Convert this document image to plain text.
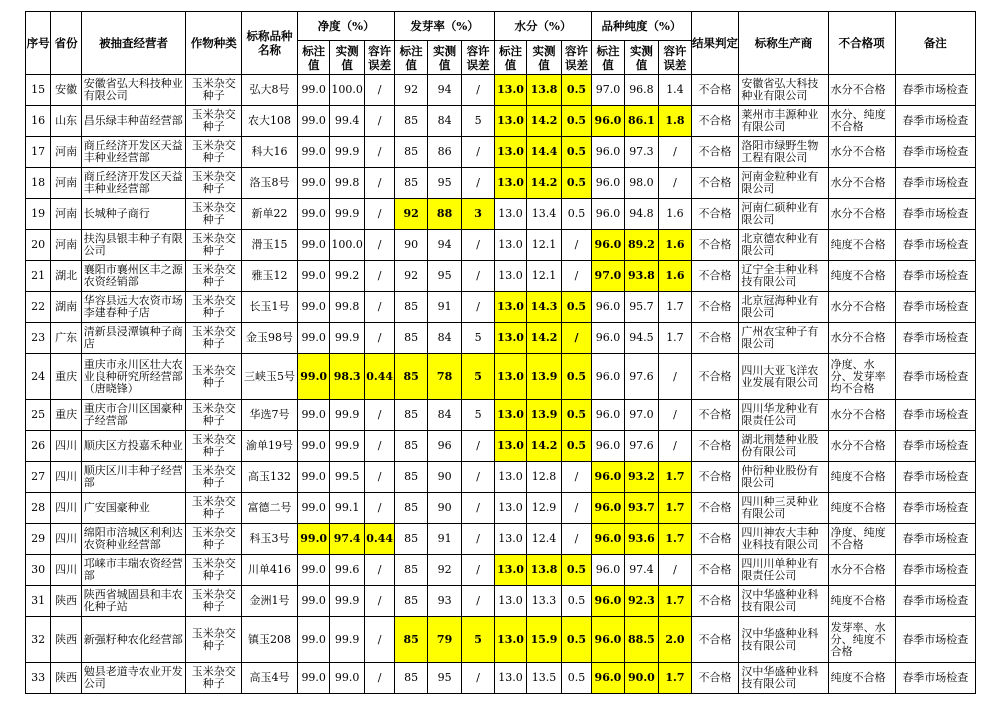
序号	省份	被抽查经营者	作物种类	标称品种名称	净度（%）			发芽率（%）			水分（%）			品种纯度（%）			结果判定	标称生产商	不合格项	备注
					标注值	实测值	容许误差	标注值	实测值	容许误差	标注值	实测值	容许误差	标注值	实测值	容许误差				
15	安徽	安徽省弘大科技种业有限公司	玉米杂交种子	弘大8号	99.0	100.0	/	92	94	/	13.0	13.8	0.5	97.0	96.8	1.4	不合格	安徽省弘大科技种业有限公司	水分不合格	春季市场检查
16	山东	昌乐绿丰种苗经营部	玉米杂交种子	农大108	99.0	99.4	/	85	84	5	13.0	14.2	0.5	96.0	86.1	1.8	不合格	莱州市丰源种业有限公司	水分、纯度不合格	春季市场检查
17	河南	商丘经济开发区天益丰种业经营部	玉米杂交种子	科大16	99.0	99.9	/	85	86	/	13.0	14.4	0.5	96.0	97.3	/	不合格	洛阳市绿野生物工程有限公司	水分不合格	春季市场检查
18	河南	商丘经济开发区天益丰种业经营部	玉米杂交种子	洛玉8号	99.0	99.8	/	85	95	/	13.0	14.2	0.5	96.0	98.0	/	不合格	河南金粒种业有限公司	水分不合格	春季市场检查
19	河南	长城种子商行	玉米杂交种子	新单22	99.0	99.9	/	92	88	3	13.0	13.4	0.5	96.0	94.8	1.6	不合格	河南仁硕种业有限公司	水分不合格	春季市场检查
20	河南	扶沟县银丰种子有限公司	玉米杂交种子	滑玉15	99.0	100.0	/	90	94	/	13.0	12.1	/	96.0	89.2	1.6	不合格	北京德农种业有限公司	纯度不合格	春季市场检查
21	湖北	襄阳市襄州区丰之源农资经销部	玉米杂交种子	雅玉12	99.0	99.2	/	92	95	/	13.0	12.1	/	97.0	93.8	1.6	不合格	辽宁全丰种业科技有限公司	纯度不合格	春季市场检查
22	湖南	华容县远大农资市场李建春种子店	玉米杂交种子	长玉1号	99.0	99.8	/	85	91	/	13.0	14.3	0.5	96.0	95.7	1.7	不合格	北京冠海种业有限公司	水分不合格	春季市场检查
23	广东	清新县浸潭镇种子商店	玉米杂交种子	金玉98号	99.0	99.9	/	85	84	5	13.0	14.2	/	96.0	94.5	1.7	不合格	广州农宝种子有限公司	水分不合格	春季市场检查
24	重庆	重庆市永川区壮大农业良种研究所经营部（唐晓锋）	玉米杂交种子	三峡玉5号	99.0	98.3	0.44	85	78	5	13.0	13.9	0.5	96.0	97.6	/	不合格	四川大亚飞洋农业发展有限公司	净度、水分、发芽率均不合格	春季市场检查
25	重庆	重庆市合川区国豪种子经营部	玉米杂交种子	华选7号	99.0	99.9	/	85	84	5	13.0	13.9	0.5	96.0	97.0	/	不合格	四川华龙种业有限责任公司	水分不合格	春季市场检查
26	四川	顺庆区方投嘉禾种业	玉米杂交种子	渝单19号	99.0	99.9	/	85	96	/	13.0	14.2	0.5	96.0	97.6	/	不合格	湖北荆楚种业股份有限公司	水分不合格	春季市场检查
27	四川	顺庆区川丰种子经营部	玉米杂交种子	高玉132	99.0	99.5	/	85	90	/	13.0	12.8	/	96.0	93.2	1.7	不合格	仲衍种业股份有限公司	纯度不合格	春季市场检查
28	四川	广安国豪种业	玉米杂交种子	富德二号	99.0	99.1	/	85	90	/	13.0	12.9	/	96.0	93.7	1.7	不合格	四川种三灵种业有限公司	纯度不合格	春季市场检查
29	四川	绵阳市涪城区利利达农资种业经营部	玉米杂交种子	科玉3号	99.0	97.4	0.44	85	91	/	13.0	12.4	/	96.0	93.6	1.7	不合格	四川神农大丰种业科技有限公司	净度、纯度不合格	春季市场检查
30	四川	邛崃市丰瑞农资经营部	玉米杂交种子	川单416	99.0	99.6	/	85	92	/	13.0	13.8	0.5	96.0	97.4	/	不合格	四川川单种业有限责任公司	水分不合格	春季市场检查
31	陕西	陕西省城固县和丰农化种子站	玉米杂交种子	金洲1号	99.0	99.9	/	85	93	/	13.0	13.3	0.5	96.0	92.3	1.7	不合格	汉中华盛种业科技有限公司	纯度不合格	春季市场检查
32	陕西	新强籽种农化经营部	玉米杂交种子	镇玉208	99.0	99.9	/	85	79	5	13.0	15.9	0.5	96.0	88.5	2.0	不合格	汉中华盛种业科技有限公司	发芽率、水分、纯度不合格	春季市场检查
33	陕西	勉县老道寺农业开发公司	玉米杂交种子	高玉4号	99.0	99.0	/	85	95	/	13.0	13.5	0.5	96.0	90.0	1.7	不合格	汉中华盛种业科技有限公司	纯度不合格	春季市场检查
